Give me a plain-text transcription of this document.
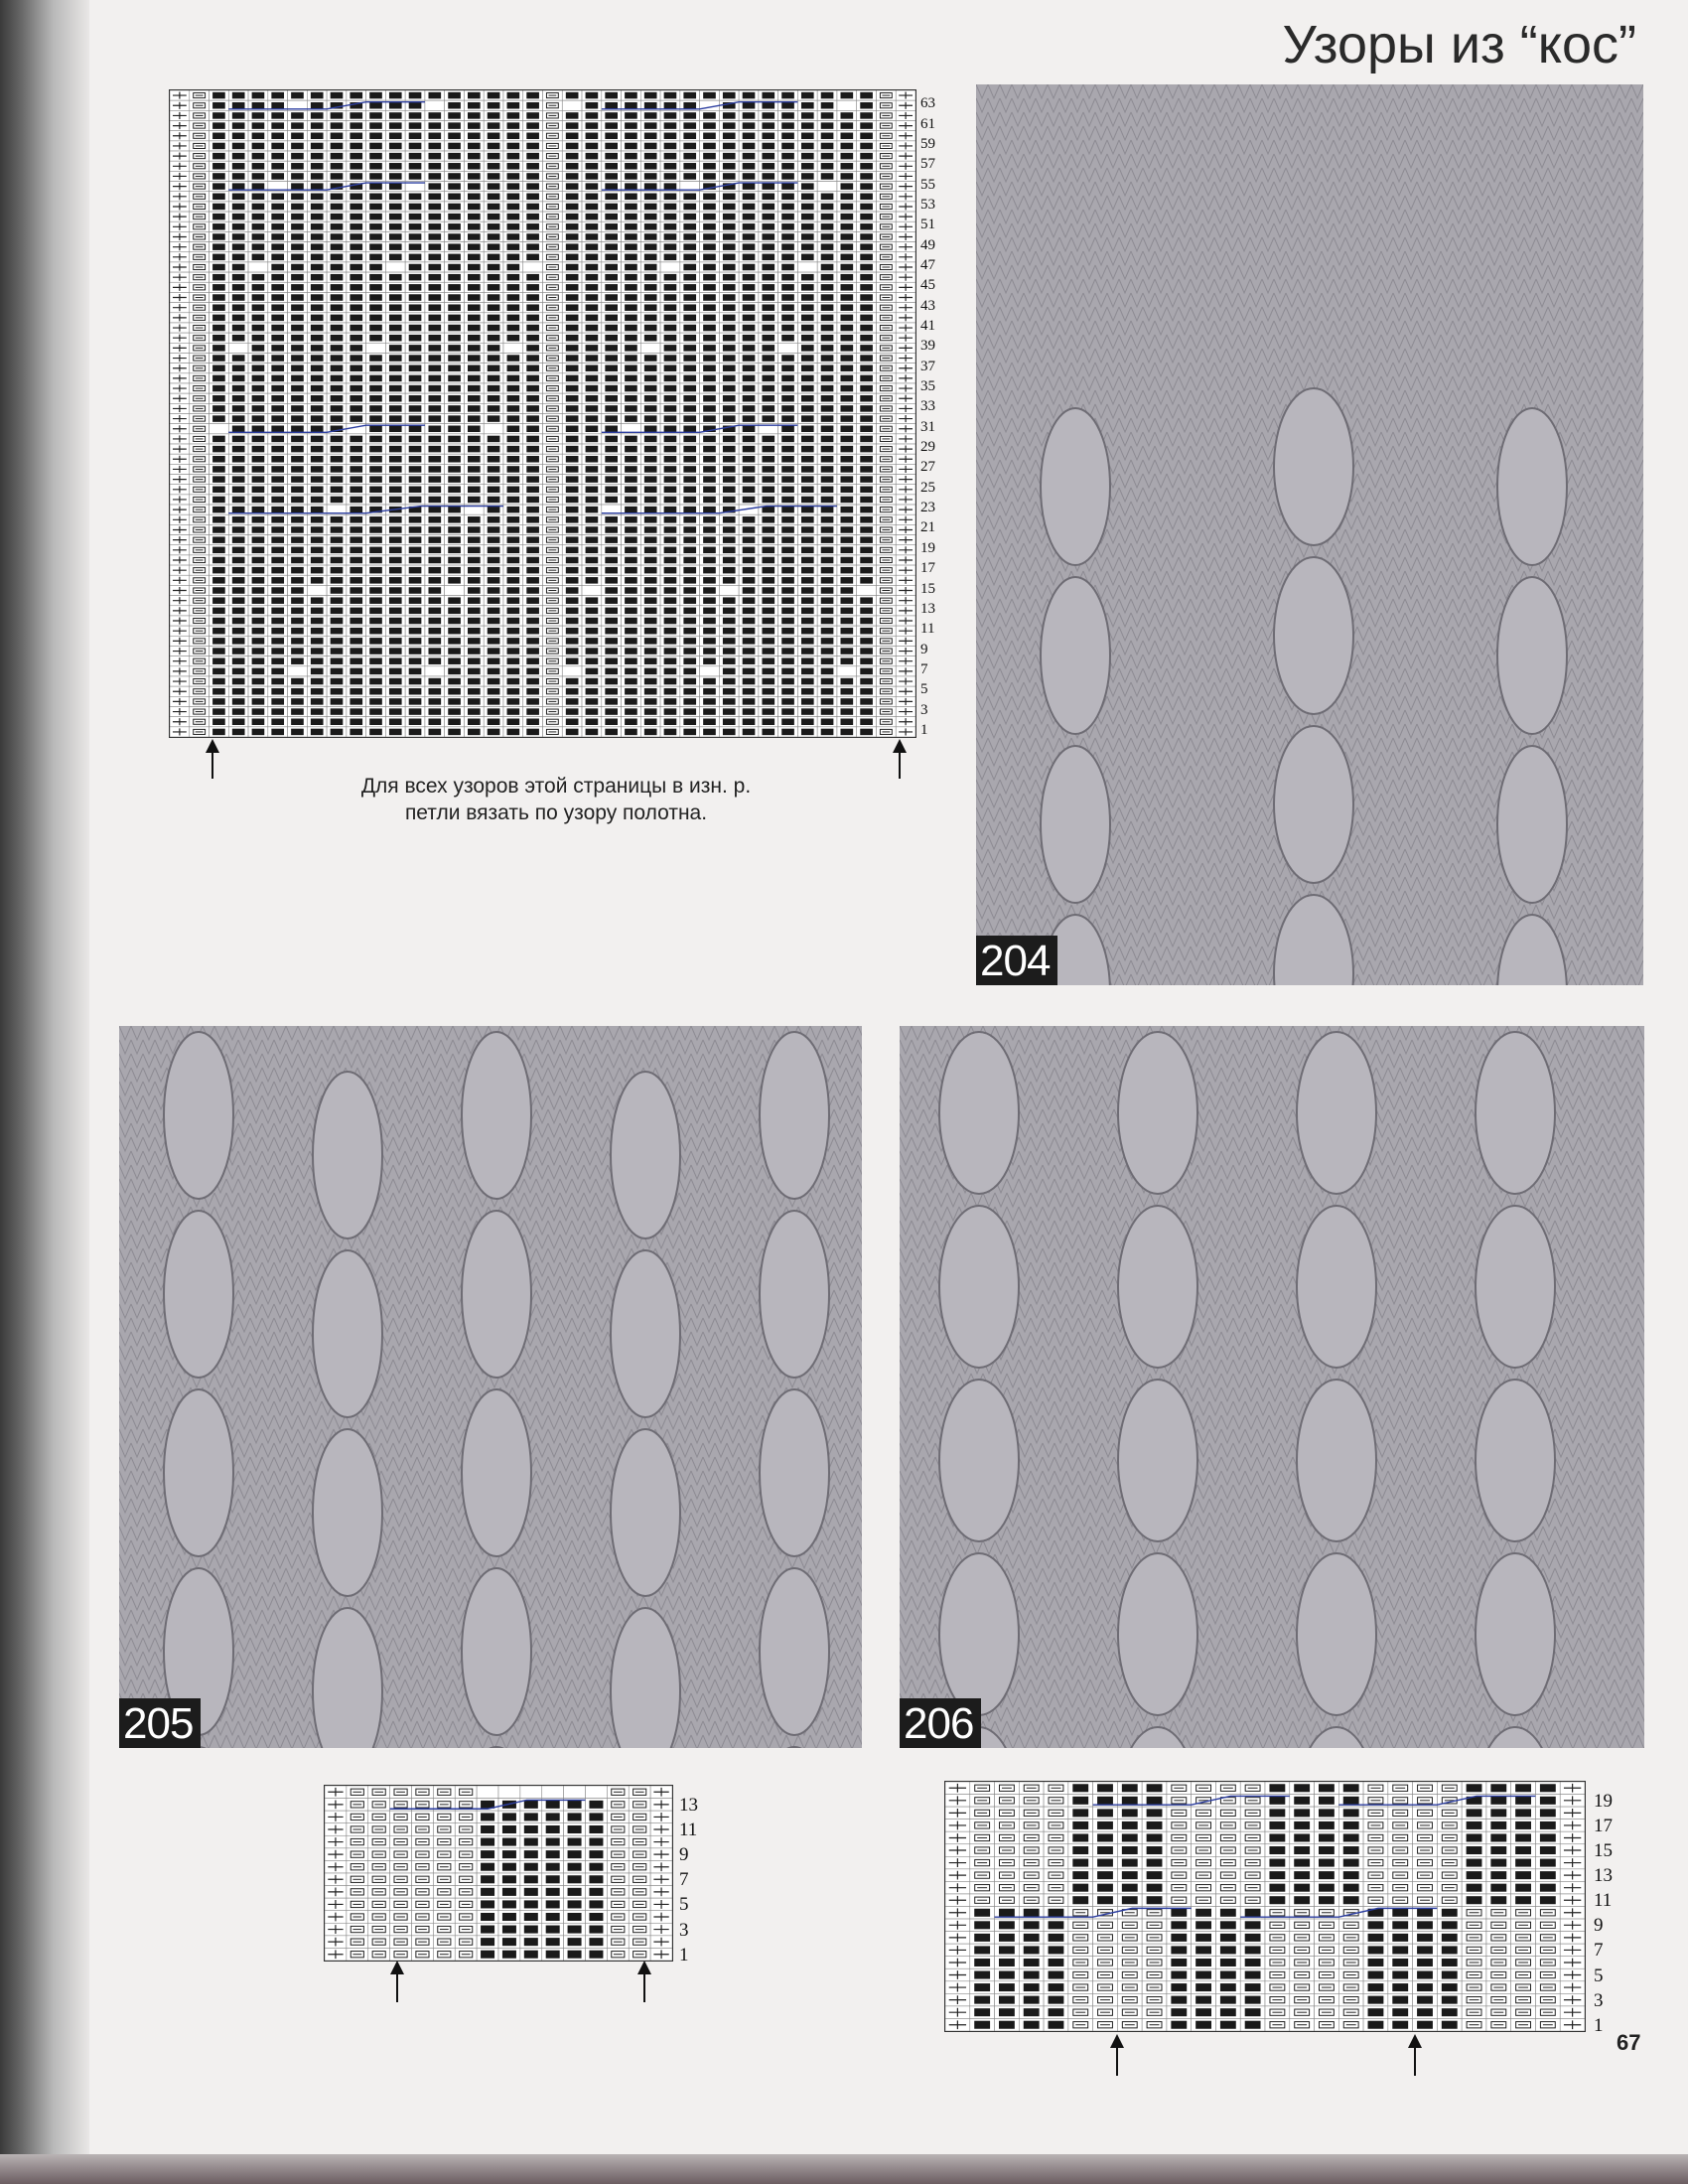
Узоры из “кос”
1
3
5
7
9
11
13
15
17
19
21
23
25
27
29
31
33
35
37
39
41
43
45
47
49
51
53
55
57
59
61
63
Для всех узоров этой страницы в изн. р. петли вязать по узору полотна.
204
205	206
1
3
5
7
9
11
13
1
3
5
7
9
11
13
15
17
19
67
